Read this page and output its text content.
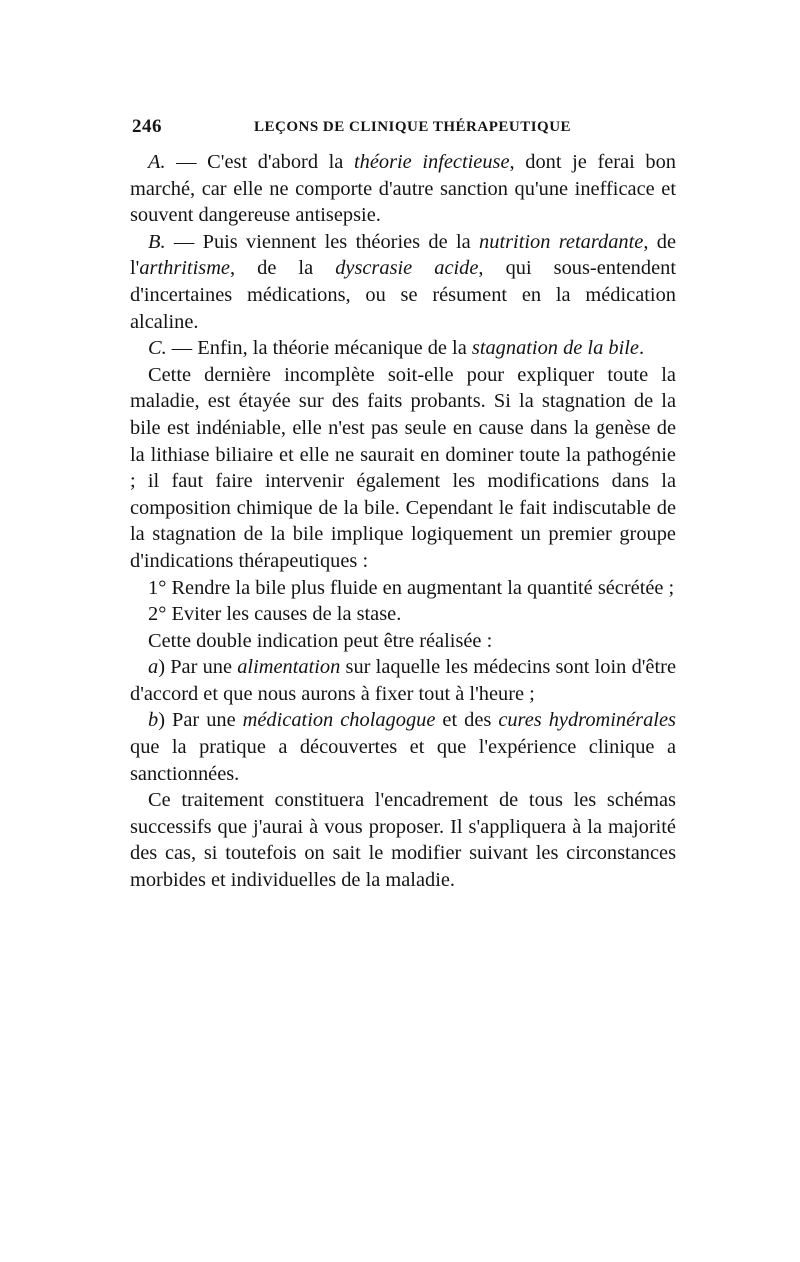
246	LEÇONS DE CLINIQUE THÉRAPEUTIQUE

A. — C'est d'abord la théorie infectieuse, dont je ferai bon marché, car elle ne comporte d'autre sanction qu'une inefficace et souvent dangereuse antisepsie.

B. — Puis viennent les théories de la nutrition retardante, de l'arthritisme, de la dyscrasie acide, qui sous-entendent d'incertaines médications, ou se résument en la médication alcaline.

C. — Enfin, la théorie mécanique de la stagnation de la bile.

Cette dernière incomplète soit-elle pour expliquer toute la maladie, est étayée sur des faits probants. Si la stagnation de la bile est indéniable, elle n'est pas seule en cause dans la genèse de la lithiase biliaire et elle ne saurait en dominer toute la pathogénie ; il faut faire intervenir également les modifications dans la composition chimique de la bile. Cependant le fait indiscutable de la stagnation de la bile implique logiquement un premier groupe d'indications thérapeutiques :

1° Rendre la bile plus fluide en augmentant la quantité sécrétée ;

2° Eviter les causes de la stase.

Cette double indication peut être réalisée :

a) Par une alimentation sur laquelle les médecins sont loin d'être d'accord et que nous aurons à fixer tout à l'heure ;

b) Par une médication cholagogue et des cures hydrominérales que la pratique a découvertes et que l'expérience clinique a sanctionnées.

Ce traitement constituera l'encadrement de tous les schémas successifs que j'aurai à vous proposer. Il s'appliquera à la majorité des cas, si toutefois on sait le modifier suivant les circonstances morbides et individuelles de la maladie.
